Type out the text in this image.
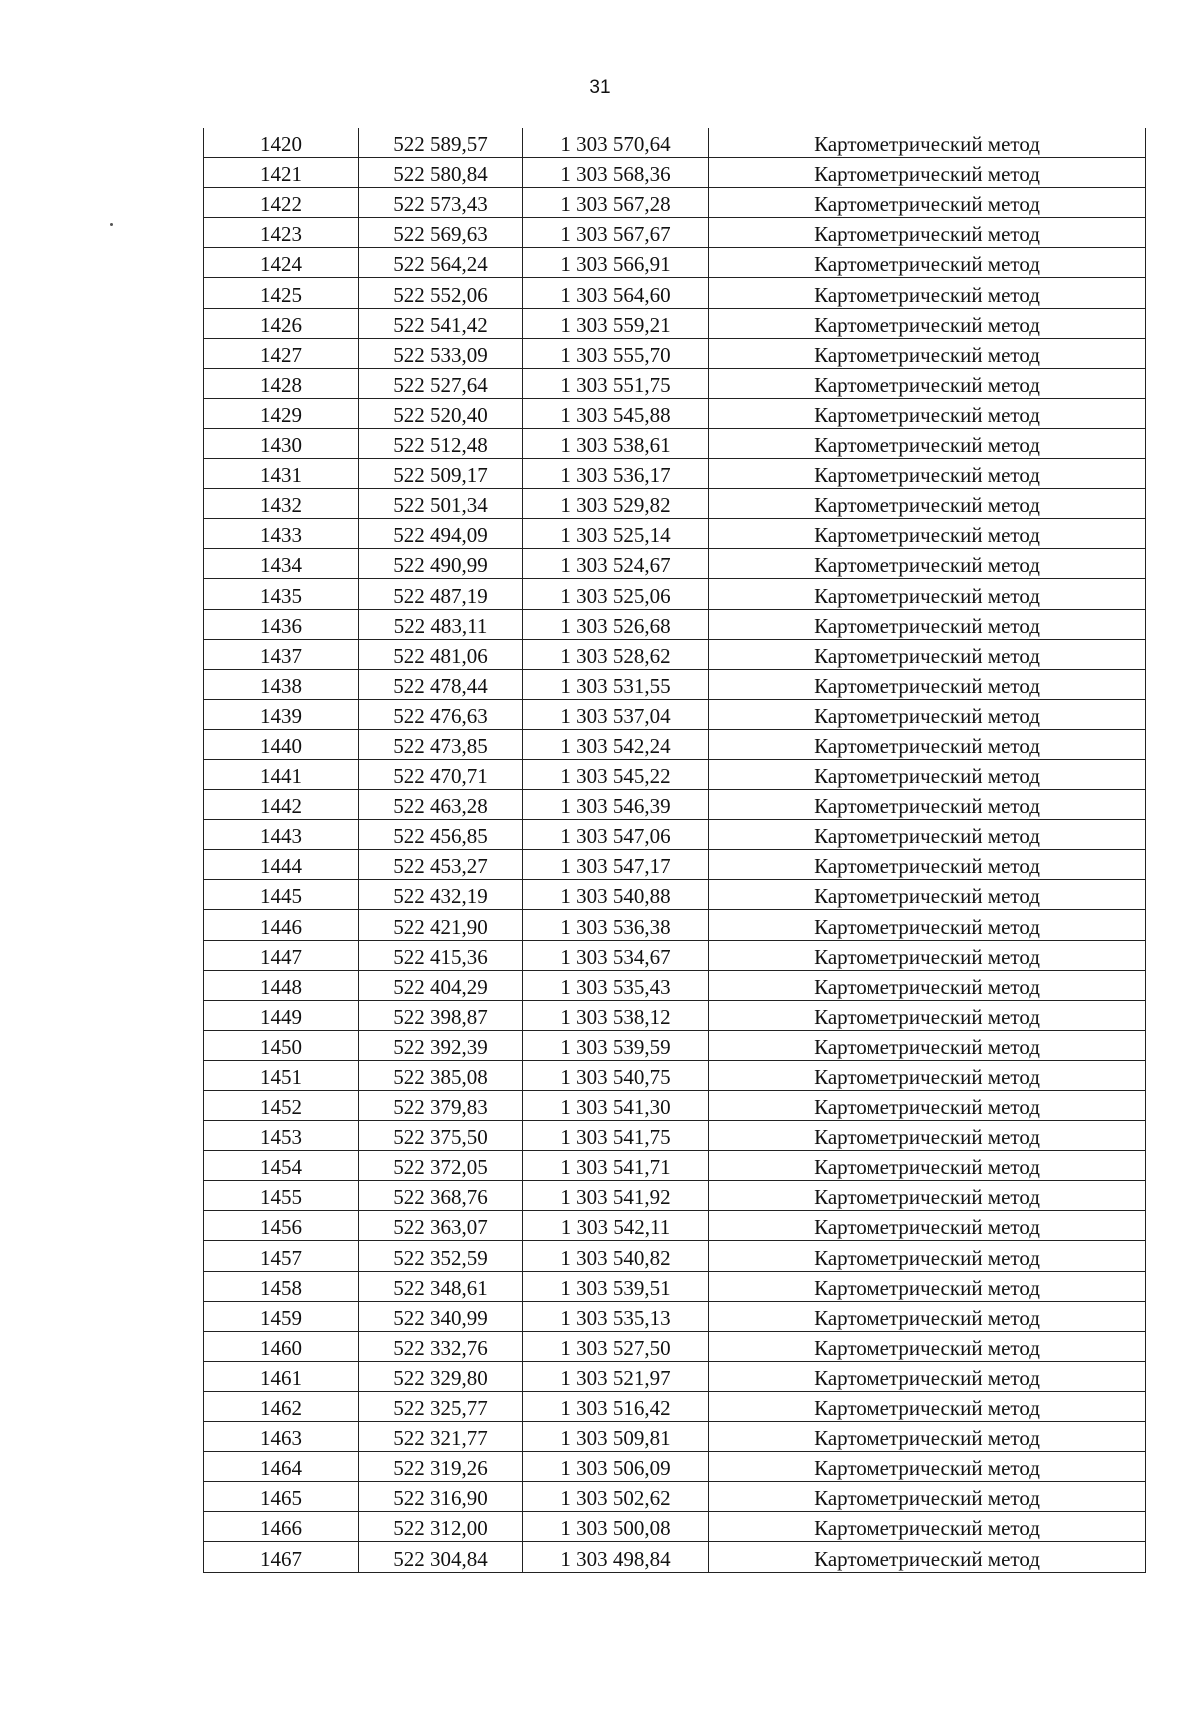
31
1420	522 589,57	1 303 570,64	Картометрический метод
1421	522 580,84	1 303 568,36	Картометрический метод
1422	522 573,43	1 303 567,28	Картометрический метод
1423	522 569,63	1 303 567,67	Картометрический метод
1424	522 564,24	1 303 566,91	Картометрический метод
1425	522 552,06	1 303 564,60	Картометрический метод
1426	522 541,42	1 303 559,21	Картометрический метод
1427	522 533,09	1 303 555,70	Картометрический метод
1428	522 527,64	1 303 551,75	Картометрический метод
1429	522 520,40	1 303 545,88	Картометрический метод
1430	522 512,48	1 303 538,61	Картометрический метод
1431	522 509,17	1 303 536,17	Картометрический метод
1432	522 501,34	1 303 529,82	Картометрический метод
1433	522 494,09	1 303 525,14	Картометрический метод
1434	522 490,99	1 303 524,67	Картометрический метод
1435	522 487,19	1 303 525,06	Картометрический метод
1436	522 483,11	1 303 526,68	Картометрический метод
1437	522 481,06	1 303 528,62	Картометрический метод
1438	522 478,44	1 303 531,55	Картометрический метод
1439	522 476,63	1 303 537,04	Картометрический метод
1440	522 473,85	1 303 542,24	Картометрический метод
1441	522 470,71	1 303 545,22	Картометрический метод
1442	522 463,28	1 303 546,39	Картометрический метод
1443	522 456,85	1 303 547,06	Картометрический метод
1444	522 453,27	1 303 547,17	Картометрический метод
1445	522 432,19	1 303 540,88	Картометрический метод
1446	522 421,90	1 303 536,38	Картометрический метод
1447	522 415,36	1 303 534,67	Картометрический метод
1448	522 404,29	1 303 535,43	Картометрический метод
1449	522 398,87	1 303 538,12	Картометрический метод
1450	522 392,39	1 303 539,59	Картометрический метод
1451	522 385,08	1 303 540,75	Картометрический метод
1452	522 379,83	1 303 541,30	Картометрический метод
1453	522 375,50	1 303 541,75	Картометрический метод
1454	522 372,05	1 303 541,71	Картометрический метод
1455	522 368,76	1 303 541,92	Картометрический метод
1456	522 363,07	1 303 542,11	Картометрический метод
1457	522 352,59	1 303 540,82	Картометрический метод
1458	522 348,61	1 303 539,51	Картометрический метод
1459	522 340,99	1 303 535,13	Картометрический метод
1460	522 332,76	1 303 527,50	Картометрический метод
1461	522 329,80	1 303 521,97	Картометрический метод
1462	522 325,77	1 303 516,42	Картометрический метод
1463	522 321,77	1 303 509,81	Картометрический метод
1464	522 319,26	1 303 506,09	Картометрический метод
1465	522 316,90	1 303 502,62	Картометрический метод
1466	522 312,00	1 303 500,08	Картометрический метод
1467	522 304,84	1 303 498,84	Картометрический метод
